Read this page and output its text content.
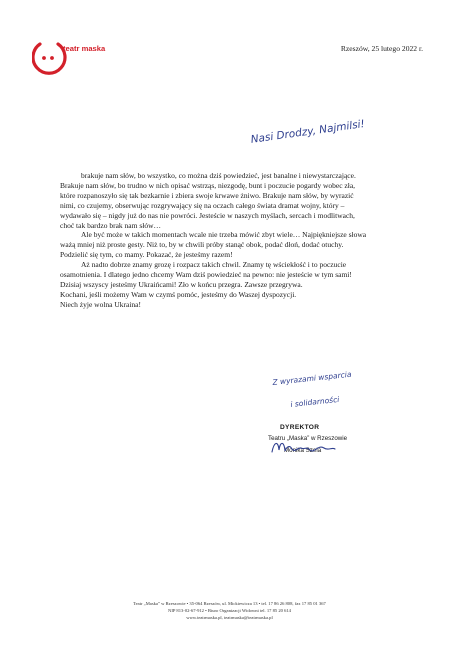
teatr maska	Rzeszów, 25 lutego 2022 r.
Nasi Drodzy, Najmilsi!
brakuje nam słów, bo wszystko, co można dziś powiedzieć, jest banalne i niewystarczające.
Brakuje nam słów, bo trudno w nich opisać wstrząs, niezgodę, bunt i poczucie pogardy wobec zła,
które rozpanoszyło się tak bezkarnie i zbiera swoje krwawe żniwo. Brakuje nam słów, by wyrazić
nimi, co czujemy, obserwując rozgrywający się na oczach całego świata dramat wojny, który –
wydawało się – nigdy już do nas nie powróci. Jesteście w naszych myślach, sercach i modlitwach,
choć tak bardzo brak nam słów…
Ale być może w takich momentach wcale nie trzeba mówić zbyt wiele… Najpiękniejsze słowa
ważą mniej niż proste gesty. Niż to, by w chwili próby stanąć obok, podać dłoń, dodać otuchy.
Podzielić się tym, co mamy. Pokazać, że jesteśmy razem!
Aż nadto dobrze znamy grozę i rozpacz takich chwil. Znamy tę wściekłość i to poczucie
osamotnienia. I dlatego jedno chcemy Wam dziś powiedzieć na pewno: nie jesteście w tym sami!
Dzisiaj wszyscy jesteśmy Ukraińcami! Zło w końcu przegra. Zawsze przegrywa.
Kochani, jeśli możemy Wam w czymś pomóc, jesteśmy do Waszej dyspozycji.
Niech żyje wolna Ukraina!
Z wyrazami wsparcia
i solidarności
DYREKTOR
Teatru „Maska” w Rzeszowie
Monika Szela
Teatr „Maska” w Rzeszowie • 35-064 Rzeszów, ul. Mickiewicza 13 • tel. 17 86 26 808, fax 17 85 01 367
NIP 813-02-67-912 • Biuro Organizacji Widowni tel. 17 85 20 614
www.teatrmaska.pl, teatrmaska@teatrmaska.pl
